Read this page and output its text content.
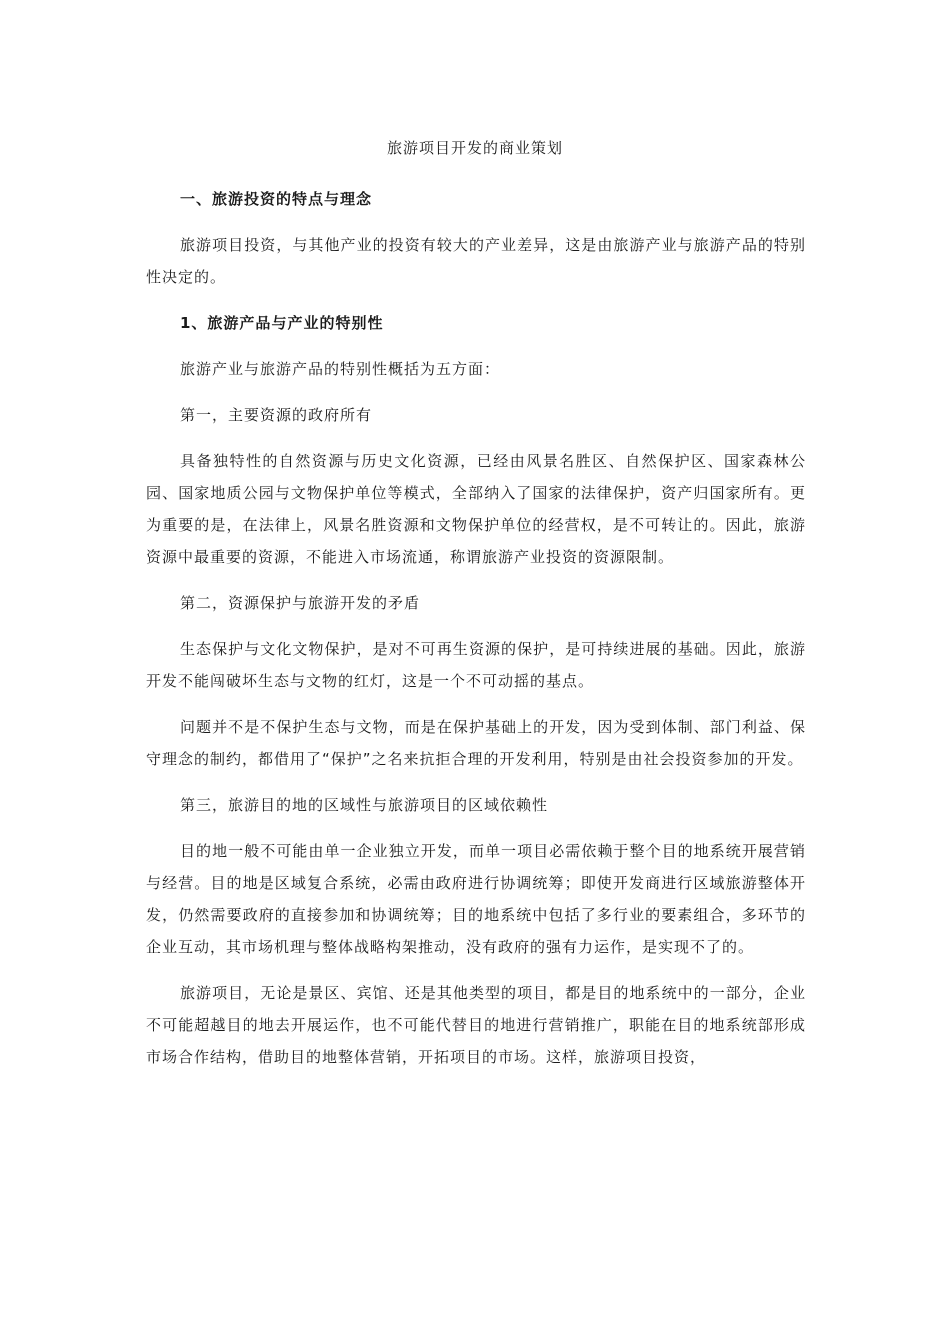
旅游项目开发的商业策划

一、旅游投资的特点与理念

旅游项目投资，与其他产业的投资有较大的产业差异，这是由旅游产业与旅游产品的特别性决定的。

1、旅游产品与产业的特别性

旅游产业与旅游产品的特别性概括为五方面：

第一，主要资源的政府所有

具备独特性的自然资源与历史文化资源，已经由风景名胜区、自然保护区、国家森林公园、国家地质公园与文物保护单位等模式，全部纳入了国家的法律保护，资产归国家所有。更为重要的是，在法律上，风景名胜资源和文物保护单位的经营权，是不可转让的。因此，旅游资源中最重要的资源，不能进入市场流通，称谓旅游产业投资的资源限制。

第二，资源保护与旅游开发的矛盾

生态保护与文化文物保护，是对不可再生资源的保护，是可持续进展的基础。因此，旅游开发不能闯破坏生态与文物的红灯，这是一个不可动摇的基点。

问题并不是不保护生态与文物，而是在保护基础上的开发，因为受到体制、部门利益、保守理念的制约，都借用了“保护”之名来抗拒合理的开发利用，特别是由社会投资参加的开发。

第三，旅游目的地的区域性与旅游项目的区域依赖性

目的地一般不可能由单一企业独立开发，而单一项目必需依赖于整个目的地系统开展营销与经营。目的地是区域复合系统，必需由政府进行协调统筹；即使开发商进行区域旅游整体开发，仍然需要政府的直接参加和协调统筹；目的地系统中包括了多行业的要素组合，多环节的企业互动，其市场机理与整体战略构架推动，没有政府的强有力运作，是实现不了的。

旅游项目，无论是景区、宾馆、还是其他类型的项目，都是目的地系统中的一部分，企业不可能超越目的地去开展运作，也不可能代替目的地进行营销推广，职能在目的地系统部形成市场合作结构，借助目的地整体营销，开拓项目的市场。这样，旅游项目投资，
